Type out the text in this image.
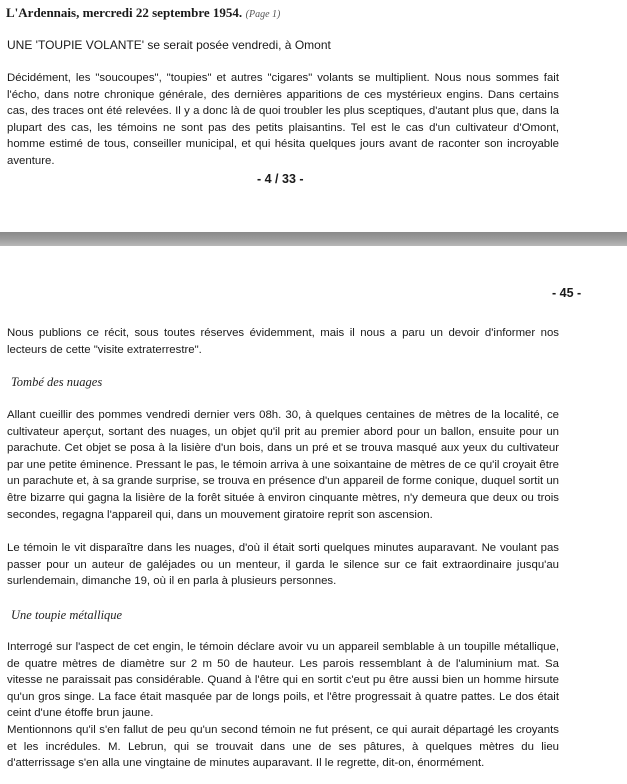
L'Ardennais, mercredi 22 septembre 1954. (Page 1)
UNE 'TOUPIE VOLANTE' se serait posée vendredi, à Omont

Décidément, les "soucoupes", "toupies" et autres "cigares" volants se multiplient. Nous nous sommes fait l'écho, dans notre chronique générale, des dernières apparitions de ces mystérieux engins. Dans certains cas, des traces ont été relevées. Il y a donc là de quoi troubler les plus sceptiques, d'autant plus que, dans la plupart des cas, les témoins ne sont pas des petits plaisantins. Tel est le cas d'un cultivateur d'Omont, homme estimé de tous, conseiller municipal, et qui hésita quelques jours avant de raconter son incroyable aventure.

- 4 / 33 -
- 45 -

Nous publions ce récit, sous toutes réserves évidemment, mais il nous a paru un devoir d'informer nos lecteurs de cette "visite extraterrestre".

Tombé des nuages

Allant cueillir des pommes vendredi dernier vers 08h. 30, à quelques centaines de mètres de la localité, ce cultivateur aperçut, sortant des nuages, un objet qu'il prit au premier abord pour un ballon, ensuite pour un parachute. Cet objet se posa à la lisière d'un bois, dans un pré et se trouva masqué aux yeux du cultivateur par une petite éminence. Pressant le pas, le témoin arriva à une soixantaine de mètres de ce qu'il croyait être un parachute et, à sa grande surprise, se trouva en présence d'un appareil de forme conique, duquel sortit un être bizarre qui gagna la lisière de la forêt située à environ cinquante mètres, n'y demeura que deux ou trois secondes, regagna l'appareil qui, dans un mouvement giratoire reprit son ascension.

Le témoin le vit disparaître dans les nuages, d'où il était sorti quelques minutes auparavant. Ne voulant pas passer pour un auteur de galéjades ou un menteur, il garda le silence sur ce fait extraordinaire jusqu'au surlendemain, dimanche 19, où il en parla à plusieurs personnes.

Une toupie métallique

Interrogé sur l'aspect de cet engin, le témoin déclare avoir vu un appareil semblable à un toupille métallique, de quatre mètres de diamètre sur 2 m 50 de hauteur. Les parois ressemblant à de l'aluminium mat. Sa vitesse ne paraissait pas considérable. Quand à l'être qui en sortit c'eut pu être aussi bien un homme hirsute qu'un gros singe. La face était masquée par de longs poils, et l'être progressait à quatre pattes. Le dos était ceint d'une étoffe brun jaune.

Mentionnons qu'il s'en fallut de peu qu'un second témoin ne fut présent, ce qui aurait départagé les croyants et les incrédules. M. Lebrun, qui se trouvait dans une de ses pâtures, à quelques mètres du lieu d'atterrissage s'en alla une vingtaine de minutes auparavant. Il le regrette, dit-on, énormément.
